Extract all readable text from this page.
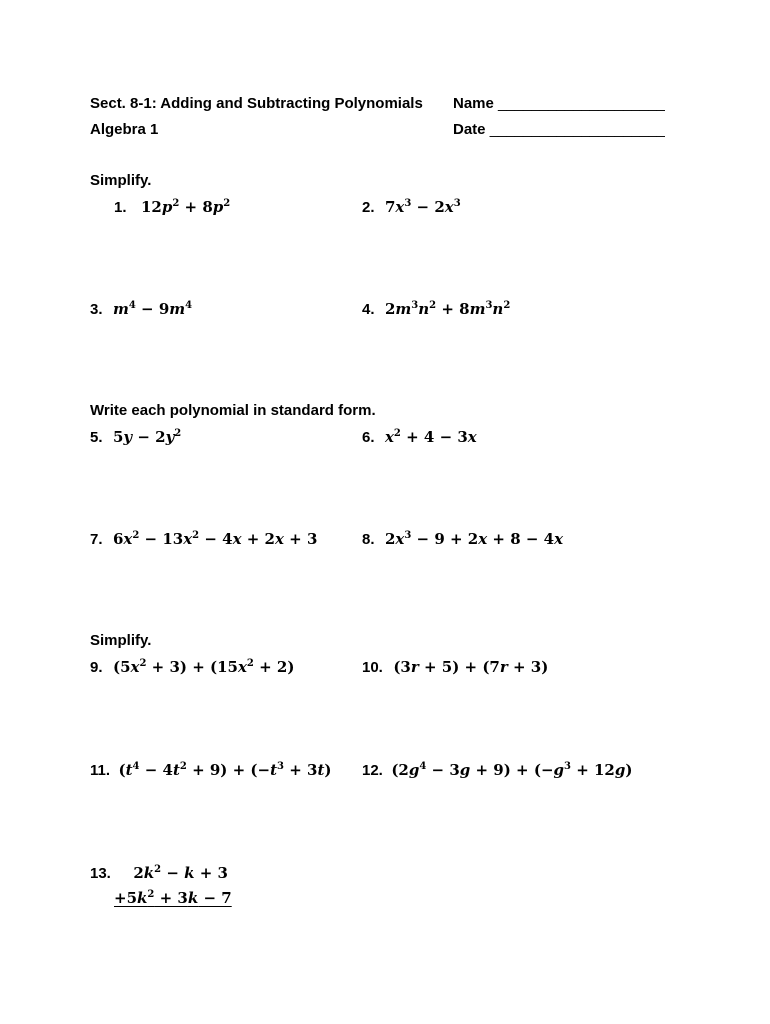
Sect. 8-1: Adding and Subtracting Polynomials
Algebra 1
Name ____________________
Date _____________________
Simplify.
1. $12p^2 + 8p^2$	2. $7x^3 - 2x^3$
3. $m^4 - 9m^4$	4. $2m^3n^2 + 8m^3n^2$
Write each polynomial in standard form.
5. $5y - 2y^2$	6. $x^2 + 4 - 3x$
7. $6x^2 - 13x^2 - 4x + 2x + 3$	8. $2x^3 - 9 + 2x + 8 - 4x$
Simplify.
9. $(5x^2 + 3) + (15x^2 + 2)$	10. (3r + 5) + (7r + 3)
11. $(t^4 - 4t^2 + 9) + (-t^3 + 3t)$ 12. $(2g^4 - 3g + 9) + (-g^3 + 12g)$
13. $2k^2 - k + 3$
$+5k^2 + 3k - 7$
